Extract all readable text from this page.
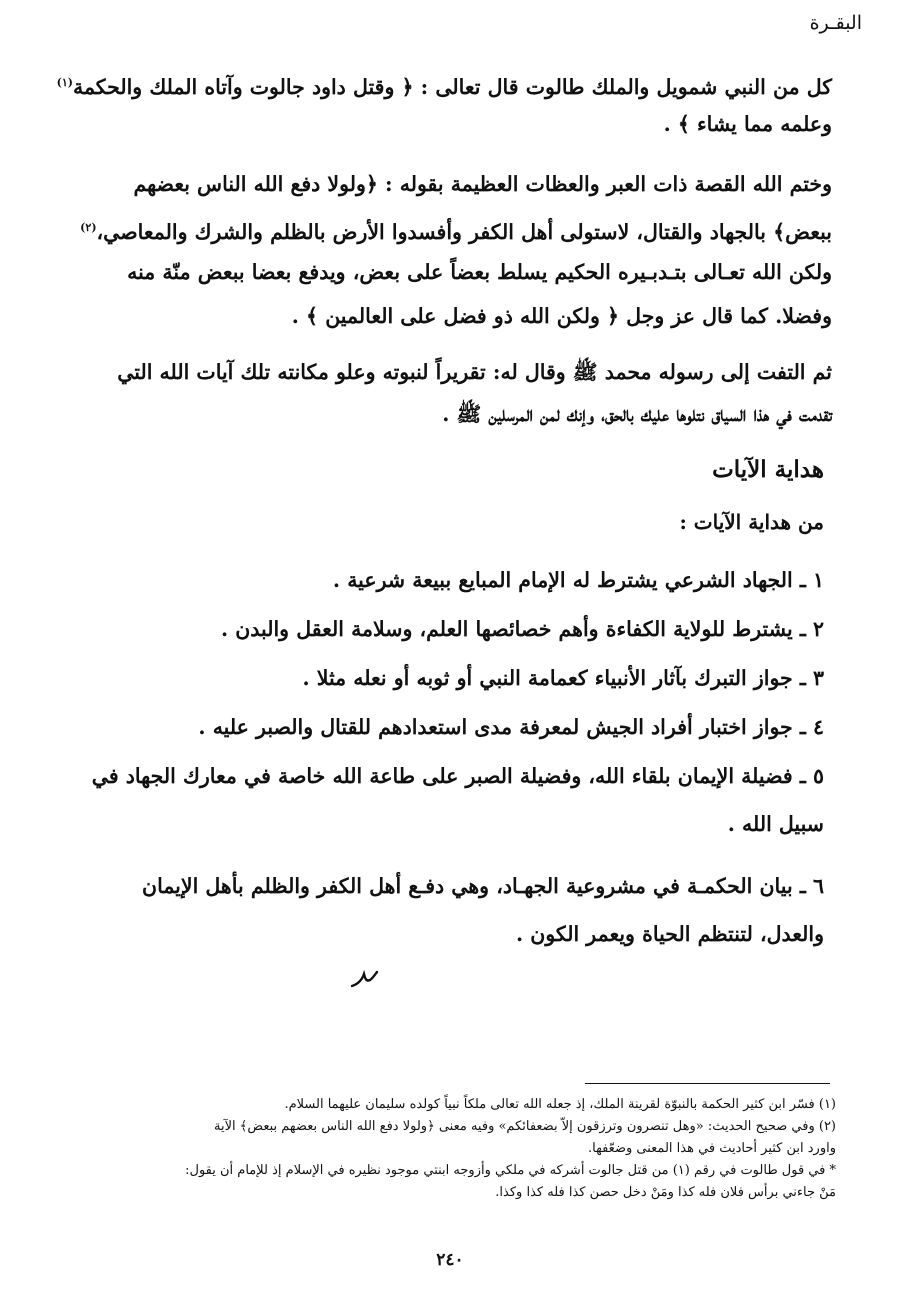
البقـرة
كل من النبي شمويل والملك طالوت قال تعالى : ﴿ وقتل داود جالوت وآتاه الملك والحكمة$^{(١)}$
وعلمه مما يشاء ﴾ .
وختم الله القصة ذات العبر والعظات العظيمة بقوله : ﴿ولولا دفع الله الناس بعضهم
ببعض﴾ بالجهاد والقتال، لاستولى أهل الكفر وأفسدوا الأرض بالظلم والشرك والمعاصي،$^{(٢)}$
ولكن الله تعـالى بتـدبـيره الحكيم يسلط بعضاً على بعض، ويدفع بعضا ببعض منّة منه
وفضلا. كما قال عز وجل ﴿ ولكن الله ذو فضل على العالمين ﴾ .
ثم التفت إلى رسوله محمد ﷺ وقال له: تقريراً لنبوته وعلو مكانته تلك آيات الله التي
تقدمت في هذا السياق نتلوها عليك بالحق، وإنك لمن المرسلين ﷺ .
هداية الآيات
من هداية الآيات :
١ ـ الجهاد الشرعي يشترط له الإمام المبايع ببيعة شرعية .
٢ ـ يشترط للولاية الكفاءة وأهم خصائصها العلم، وسلامة العقل والبدن .
٣ ـ جواز التبرك بآثار الأنبياء كعمامة النبي أو ثوبه أو نعله مثلا .
٤ ـ جواز اختبار أفراد الجيش لمعرفة مدى استعدادهم للقتال والصبر عليه .
٥ ـ فضيلة الإيمان بلقاء الله، وفضيلة الصبر على طاعة الله خاصة في معارك الجهاد في
سبيل الله .
٦ ـ بيان الحكمـة في مشروعية الجهـاد، وهي دفـع أهل الكفر والظلم بأهل الإيمان
والعدل، لتنتظم الحياة ويعمر الكون .
(١) فسّر ابن كثير الحكمة بالنبوّة لقرينة الملك، إذ جعله الله تعالى ملكاً نبياً كولده سليمان عليهما السلام.
(٢) وفي صحيح الحديث: «وهل تنصرون وترزقون إلاّ بضعفائكم» وفيه معنى ﴿ولولا دفع الله الناس بعضهم ببعض﴾ الآية
واورد ابن كثير أحاديث في هذا المعنى وضعّفها.
* في قول طالوت في رقم (١) من قتل جالوت أشركه في ملكي وأزوجه ابنتي موجود نظيره في الإسلام إذ للإمام أن يقول:
مَنْ جاءني برأس فلان فله كذا ومَنْ دخل حصن كذا فله كذا وكذا.
٢٤٠
